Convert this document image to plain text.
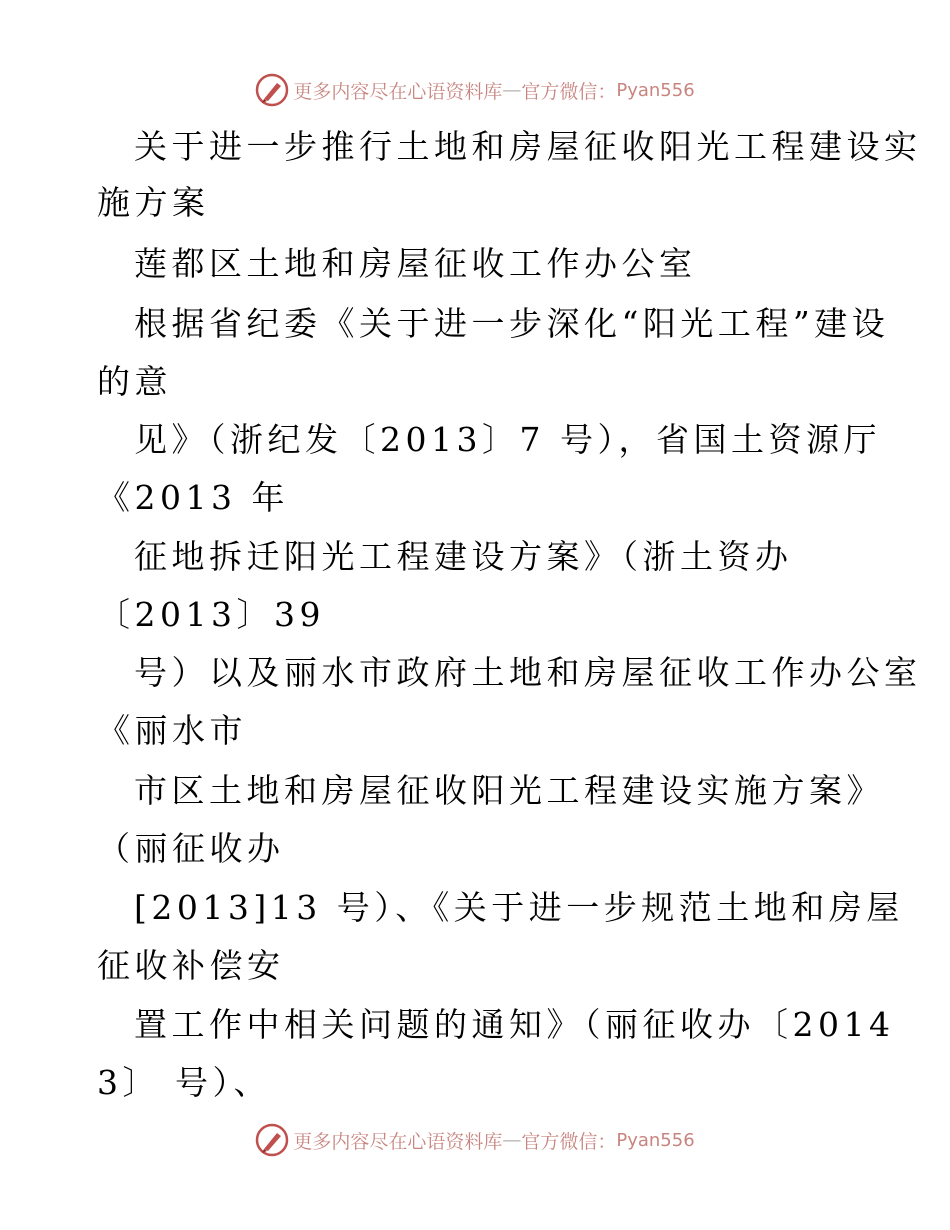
更多内容尽在心语资料库 — 官方微信： Pyan556
关于进一步推行土地和房屋征收阳光工程建设实
施方案
莲都区土地和房屋征收工作办公室
根据省纪委《关于进一步深化“阳光工程”建设
的意
见》（浙纪发〔2013〕7 号），省国土资源厅
《2013 年
征地拆迁阳光工程建设方案》（浙土资办
〔2013〕39
号）以及丽水市政府土地和房屋征收工作办公室
《丽水市
市区土地和房屋征收阳光工程建设实施方案》
（丽征收办
[2013]13 号）、《关于进一步规范土地和房屋
征收补偿安
置工作中相关问题的通知》（丽征收办〔2014
3〕 号）、
更多内容尽在心语资料库 — 官方微信： Pyan556
